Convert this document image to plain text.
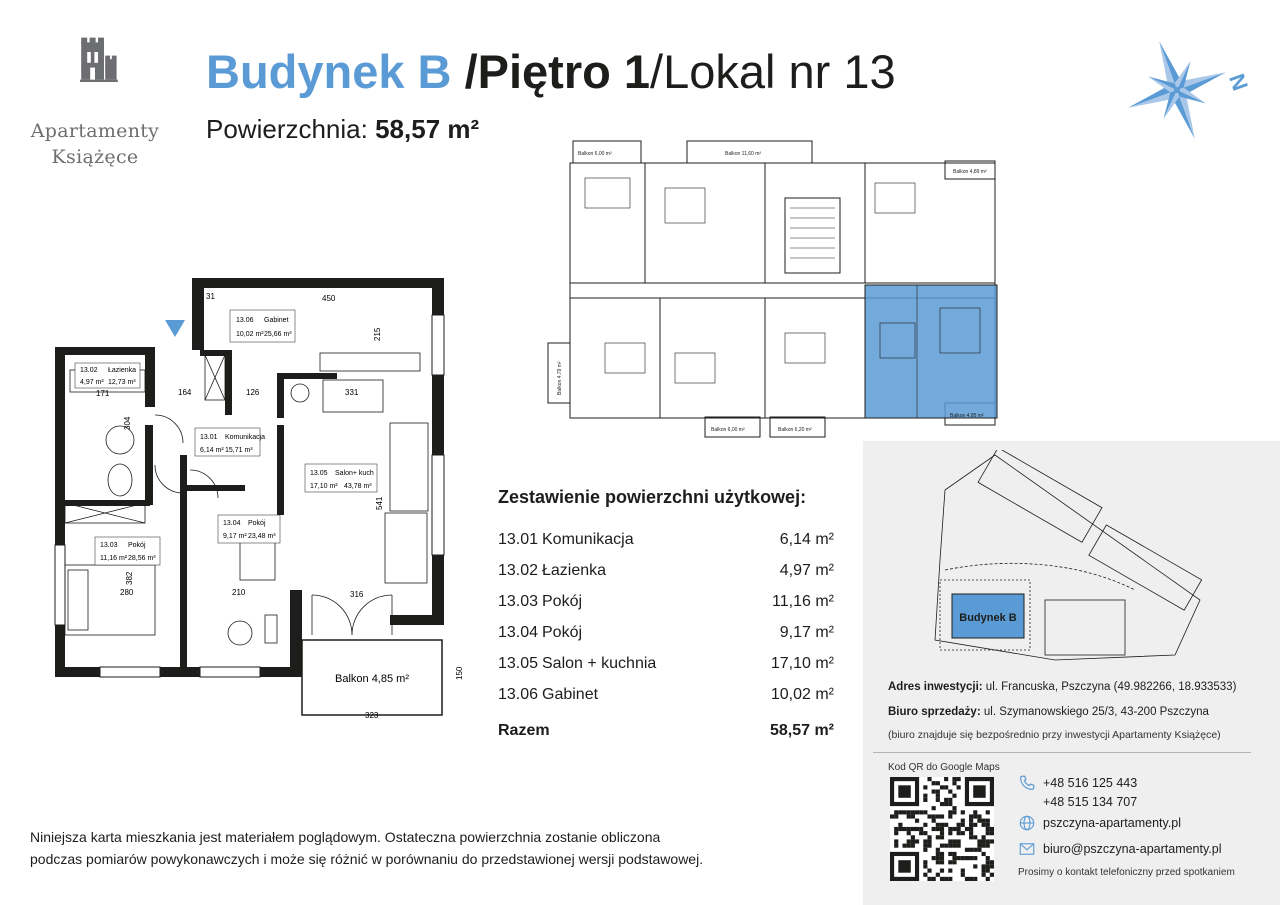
Apartamenty
Książęce
Budynek B /Piętro 1/Lokal nr 13
Powierzchnia: 58,57 m²
N
Balkon 4,85 m²
13.06 Gabinet
10,02 m² 25,66 m³
13.02 Łazienka
4,97 m² 12,73 m³
13.01 Komunikacja
6,14 m² 15,71 m³
13.05 Salon+ kuch
17,10 m² 43,78 m³
13.04 Pokój
9,17 m² 23,48 m³
13.03 Pokój
11,16 m² 28,56 m³
450
31
215
164	126	331
171
304
541
382
280	210	316
150
323
Balkon 6,00 m²	Balkon 11,60 m²
Balkon 4,89 m²
Balkon 6,00 m²	Balkon 6,20 m²
Balkon 4,85 m²
Balkon 4,79 m²
Zestawienie powierzchni użytkowej:
13.01 Komunikacja	6,14 m²
13.02 Łazienka	4,97 m²
13.03 Pokój	11,16 m²
13.04 Pokój	9,17 m²
13.05 Salon + kuchnia	17,10 m²
13.06 Gabinet	10,02 m²
Razem	58,57 m²
Niniejsza karta mieszkania jest materiałem poglądowym. Ostateczna powierzchnia zostanie obliczona
podczas pomiarów powykonawczych i może się różnić w porównaniu do przedstawionej wersji podstawowej.
Budynek B
Adres inwestycji: ul. Francuska, Pszczyna (49.982266, 18.933533)
Biuro sprzedaży: ul. Szymanowskiego 25/3, 43-200 Pszczyna
(biuro znajduje się bezpośrednio przy inwestycji Apartamenty Książęce)
Kod QR do Google Maps
+48 516 125 443
+48 515 134 707
pszczyna-apartamenty.pl
biuro@pszczyna-apartamenty.pl
Prosimy o kontakt telefoniczny przed spotkaniem
